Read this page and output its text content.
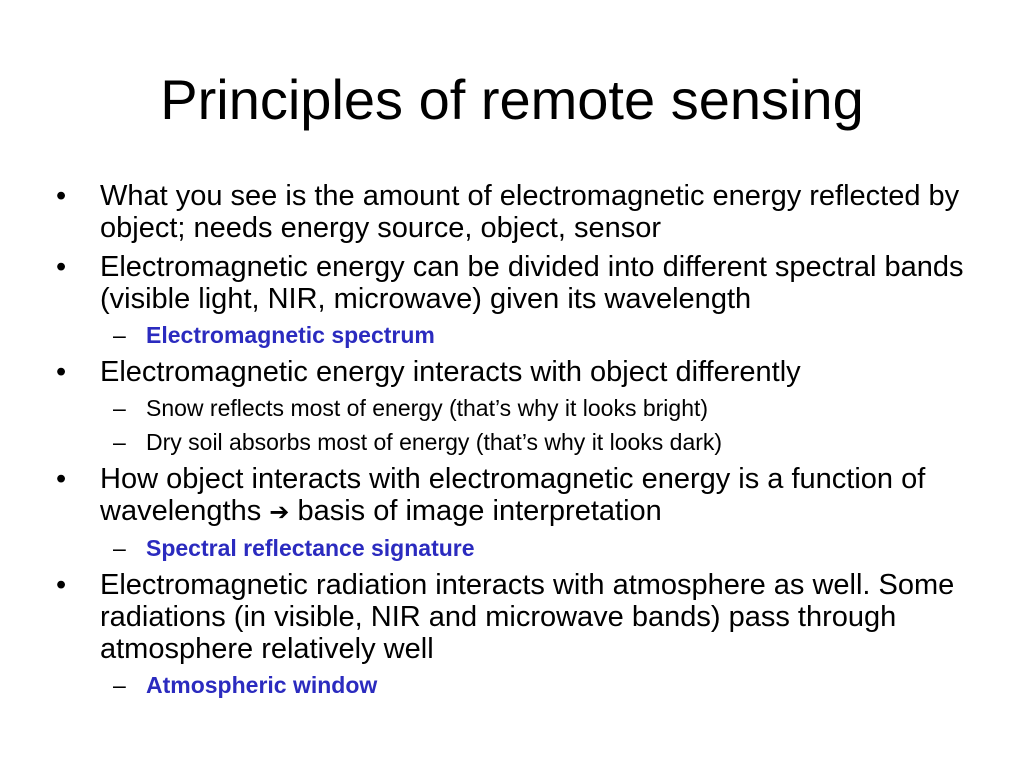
Principles of remote sensing
•	What you see is the amount of electromagnetic energy reflected by object; needs energy source, object, sensor
•	Electromagnetic energy can be divided into different spectral bands (visible light, NIR, microwave) given its wavelength
– Electromagnetic spectrum
•	Electromagnetic energy interacts with object differently
– Snow reflects most of energy (that’s why it looks bright)
– Dry soil absorbs most of energy (that’s why it looks dark)
•	How object interacts with electromagnetic energy is a function of wavelengths ➔ basis of image interpretation
– Spectral reflectance signature
•	Electromagnetic radiation interacts with atmosphere as well. Some radiations (in visible, NIR and microwave bands) pass through atmosphere relatively well
– Atmospheric window
